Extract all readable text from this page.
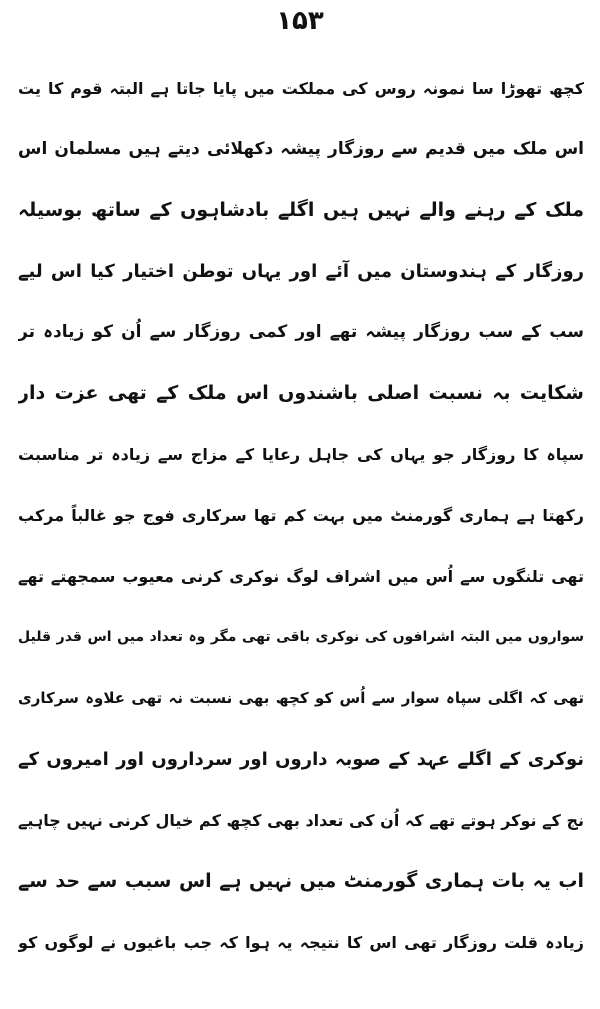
۱۵۳
کچھ تھوڑا سا نمونہ روس کی مملکت میں پایا جاتا ہے البتہ قوم کا یت
اس ملک میں قدیم سے روزگار پیشہ دکھلائی دیتے ہیں مسلمان اس
ملک کے رہنے والے نہیں ہیں اگلے بادشاہوں کے ساتھ بوسیلہ
روزگار کے ہندوستان میں آئے اور یہاں توطن اختیار کیا اس لیے
سب کے سب روزگار پیشہ تھے اور کمی روزگار سے اُن کو زیادہ تر
شکایت بہ نسبت اصلی باشندوں اس ملک کے تھی عزت دار
سپاہ کا روزگار جو یہاں کی جاہل رعایا کے مزاج سے زیادہ تر مناسبت
رکھتا ہے ہماری گورمنٹ میں بہت کم تھا سرکاری فوج جو غالباً مرکب
تھی تلنگوں سے اُس میں اشراف لوگ نوکری کرنی معیوب سمجھتے تھے
سواروں میں البتہ اشرافوں کی نوکری باقی تھی مگر وہ تعداد میں اس قدر قلیل
تھی کہ اگلی سپاہ سوار سے اُس کو کچھ بھی نسبت نہ تھی علاوہ سرکاری
نوکری کے اگلے عہد کے صوبہ داروں اور سرداروں اور امیروں کے
نج کے نوکر ہوتے تھے کہ اُن کی تعداد بھی کچھ کم خیال کرنی نہیں چاہیے
اب یہ بات ہماری گورمنٹ میں نہیں ہے اس سبب سے حد سے
زیادہ قلت روزگار تھی اس کا نتیجہ یہ ہوا کہ جب باغیوں نے لوگوں کو
